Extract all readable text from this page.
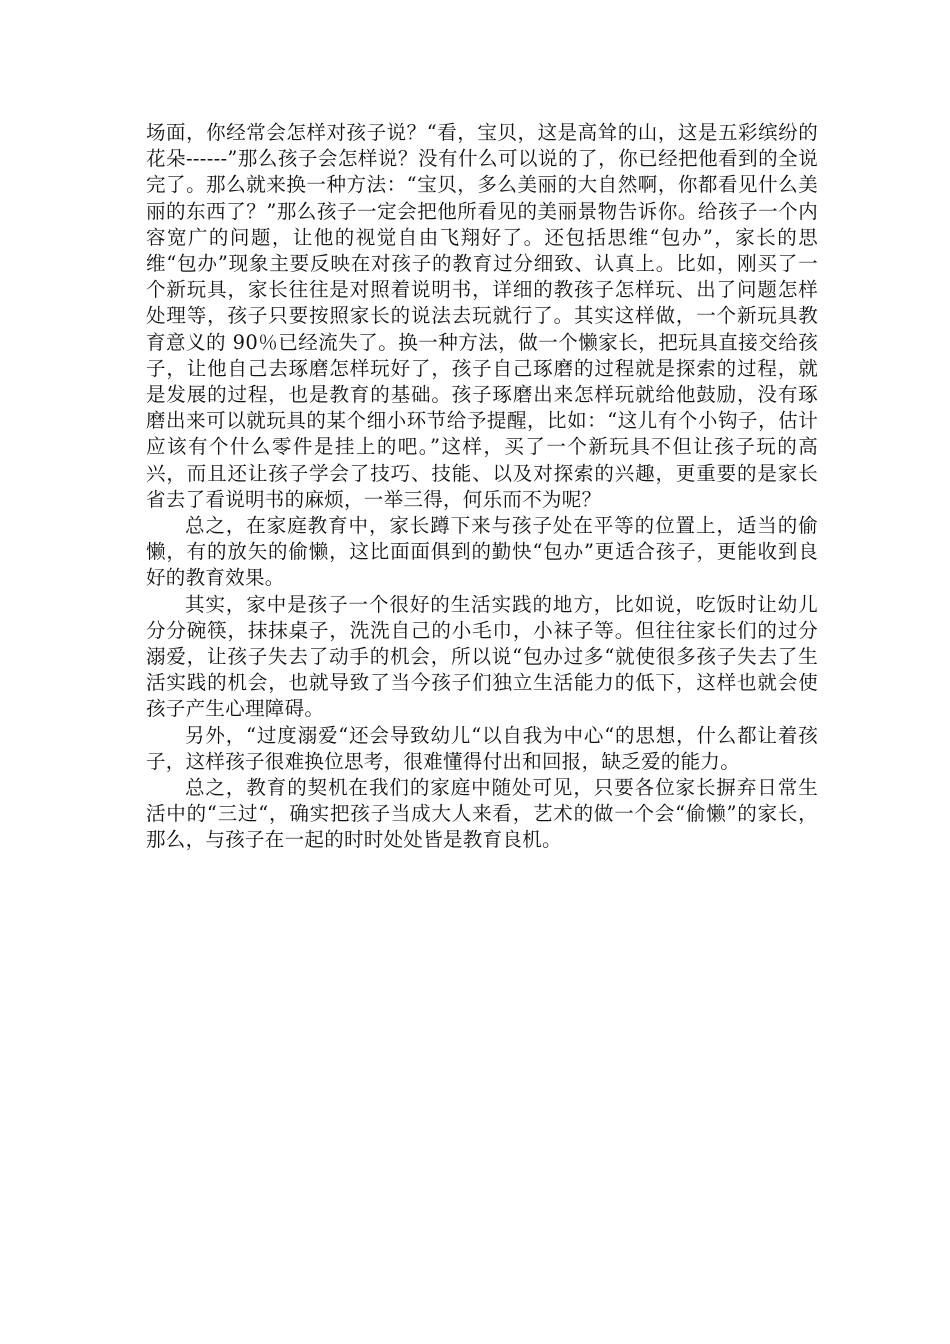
场面，你经常会怎样对孩子说？“看，宝贝，这是高耸的山，这是五彩缤纷的花朵------”那么孩子会怎样说？没有什么可以说的了，你已经把他看到的全说完了。那么就来换一种方法：“宝贝，多么美丽的大自然啊，你都看见什么美丽的东西了？”那么孩子一定会把他所看见的美丽景物告诉你。给孩子一个内容宽广的问题，让他的视觉自由飞翔好了。还包括思维“包办”，家长的思维“包办”现象主要反映在对孩子的教育过分细致、认真上。比如，刚买了一个新玩具，家长往往是对照着说明书，详细的教孩子怎样玩、出了问题怎样处理等，孩子只要按照家长的说法去玩就行了。其实这样做，一个新玩具教育意义的 90％已经流失了。换一种方法，做一个懒家长，把玩具直接交给孩子，让他自己去琢磨怎样玩好了，孩子自己琢磨的过程就是探索的过程，就是发展的过程，也是教育的基础。孩子琢磨出来怎样玩就给他鼓励，没有琢磨出来可以就玩具的某个细小环节给予提醒，比如：“这儿有个小钩子，估计应该有个什么零件是挂上的吧。”这样，买了一个新玩具不但让孩子玩的高兴，而且还让孩子学会了技巧、技能、以及对探索的兴趣，更重要的是家长省去了看说明书的麻烦，一举三得，何乐而不为呢？

总之，在家庭教育中，家长蹲下来与孩子处在平等的位置上，适当的偷懒，有的放矢的偷懒，这比面面俱到的勤快“包办”更适合孩子，更能收到良好的教育效果。

其实，家中是孩子一个很好的生活实践的地方，比如说，吃饭时让幼儿分分碗筷，抹抹桌子，洗洗自己的小毛巾，小袜子等。但往往家长们的过分溺爱，让孩子失去了动手的机会，所以说“包办过多“就使很多孩子失去了生活实践的机会，也就导致了当今孩子们独立生活能力的低下，这样也就会使孩子产生心理障碍。

另外，“过度溺爱“还会导致幼儿“以自我为中心“的思想，什么都让着孩子，这样孩子很难换位思考，很难懂得付出和回报，缺乏爱的能力。

总之，教育的契机在我们的家庭中随处可见，只要各位家长摒弃日常生活中的“三过“，确实把孩子当成大人来看，艺术的做一个会“偷懒”的家长，那么，与孩子在一起的时时处处皆是教育良机。
